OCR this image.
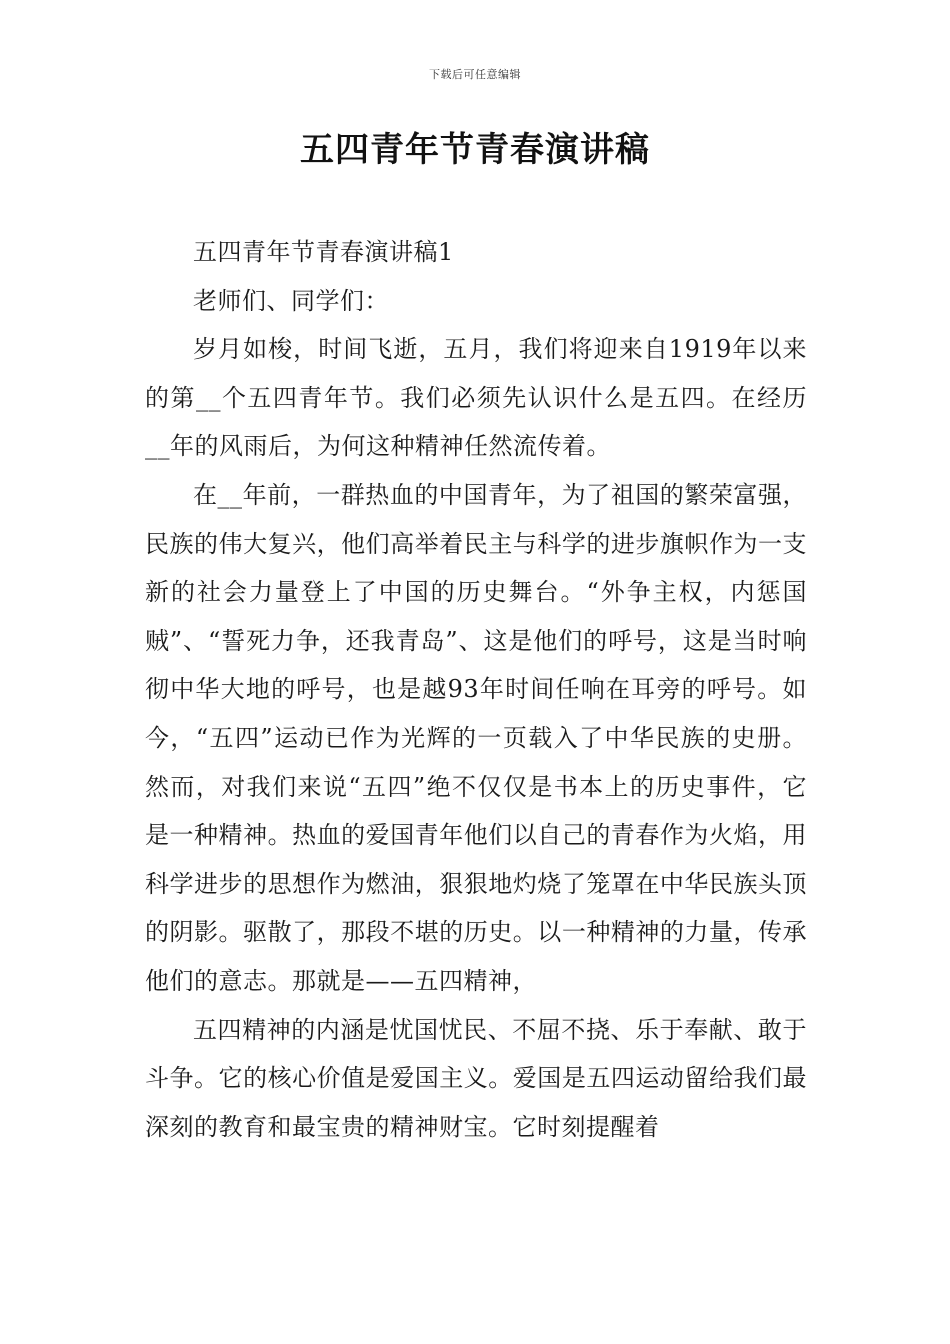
下载后可任意编辑
五四青年节青春演讲稿

五四青年节青春演讲稿1

老师们、同学们：

岁月如梭，时间飞逝，五月，我们将迎来自1919年以来的第__个五四青年节。我们必须先认识什么是五四。在经历__年的风雨后，为何这种精神任然流传着。

在__年前，一群热血的中国青年，为了祖国的繁荣富强，民族的伟大复兴，他们高举着民主与科学的进步旗帜作为一支新的社会力量登上了中国的历史舞台。“外争主权，内惩国贼”、“誓死力争，还我青岛”、这是他们的呼号，这是当时响彻中华大地的呼号，也是越93年时间任响在耳旁的呼号。如今，“五四”运动已作为光辉的一页载入了中华民族的史册。然而，对我们来说“五四”绝不仅仅是书本上的历史事件，它是一种精神。热血的爱国青年他们以自己的青春作为火焰，用科学进步的思想作为燃油，狠狠地灼烧了笼罩在中华民族头顶的阴影。驱散了，那段不堪的历史。以一种精神的力量，传承他们的意志。那就是——五四精神，

五四精神的内涵是忧国忧民、不屈不挠、乐于奉献、敢于斗争。它的核心价值是爱国主义。爱国是五四运动留给我们最深刻的教育和最宝贵的精神财宝。它时刻提醒着
